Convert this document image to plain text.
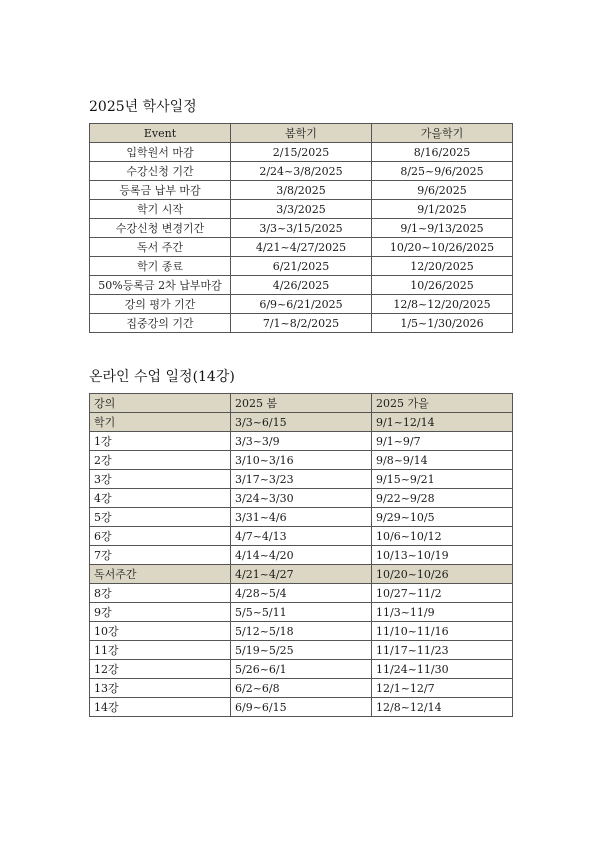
2025년 학사일정
Event	봄학기	가을학기
입학원서 마감	2/15/2025	8/16/2025
수강신청 기간	2/24~3/8/2025	8/25~9/6/2025
등록금 납부 마감	3/8/2025	9/6/2025
학기 시작	3/3/2025	9/1/2025
수강신청 변경기간	3/3~3/15/2025	9/1~9/13/2025
독서 주간	4/21~4/27/2025	10/20~10/26/2025
학기 종료	6/21/2025	12/20/2025
50%등록금 2차 납부마감	4/26/2025	10/26/2025
강의 평가 기간	6/9~6/21/2025	12/8~12/20/2025
집중강의 기간	7/1~8/2/2025	1/5~1/30/2026
온라인 수업 일정(14강)
강의	2025 봄	2025 가을
학기	3/3~6/15	9/1~12/14
1강	3/3~3/9	9/1~9/7
2강	3/10~3/16	9/8~9/14
3강	3/17~3/23	9/15~9/21
4강	3/24~3/30	9/22~9/28
5강	3/31~4/6	9/29~10/5
6강	4/7~4/13	10/6~10/12
7강	4/14~4/20	10/13~10/19
독서주간	4/21~4/27	10/20~10/26
8강	4/28~5/4	10/27~11/2
9강	5/5~5/11	11/3~11/9
10강	5/12~5/18	11/10~11/16
11강	5/19~5/25	11/17~11/23
12강	5/26~6/1	11/24~11/30
13강	6/2~6/8	12/1~12/7
14강	6/9~6/15	12/8~12/14
